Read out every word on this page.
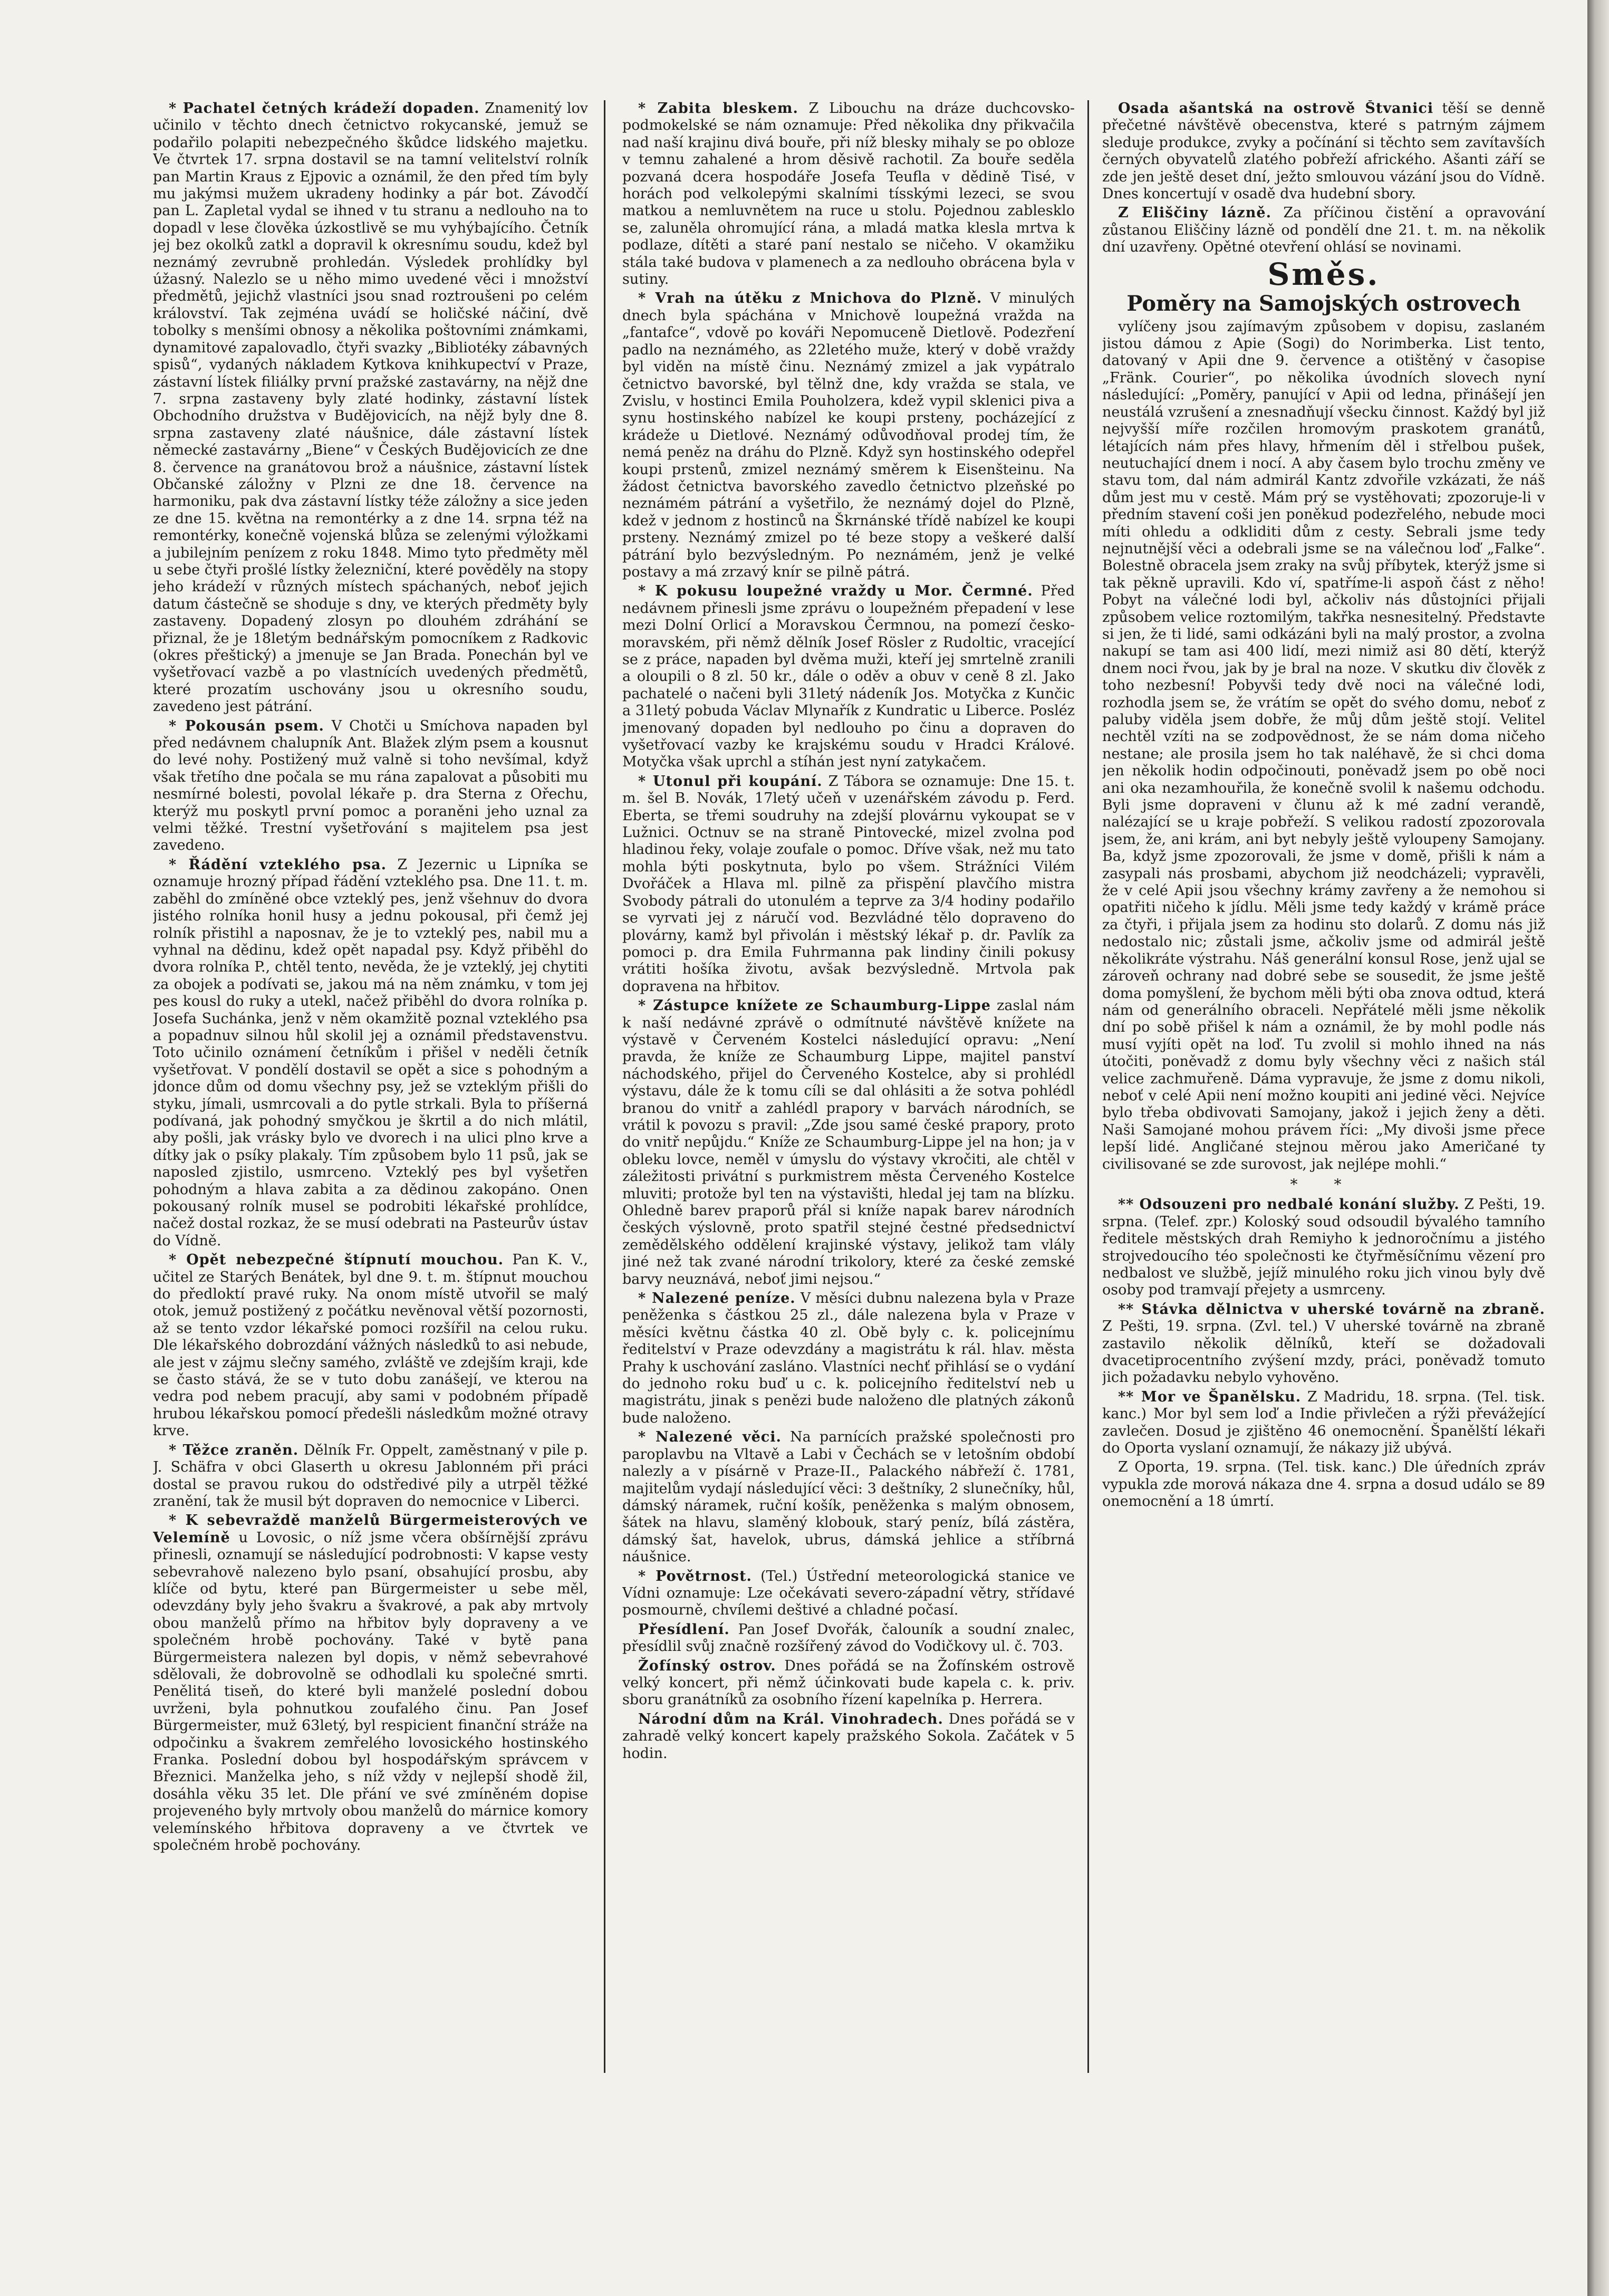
* Pachatel četných krádeží dopaden. Znamenitý lov učinilo v těchto dnech četnictvo rokycanské, jemuž se podařilo polapiti nebezpečného škůdce lidského majetku. Ve čtvrtek 17. srpna dostavil se na tamní velitelství rolník pan Martin Kraus z Ejpovic a oznámil, že den před tím byly mu jakýmsi mužem ukradeny hodinky a pár bot. Závodčí pan L. Zapletal vydal se ihned v tu stranu a nedlouho na to dopadl v lese člověka úzkostlivě se mu vyhýbajícího. Četník jej bez okolků zatkl a dopravil k okresnímu soudu, kdež byl neznámý zevrubně prohledán. Výsledek prohlídky byl úžasný. Nalezlo se u něho mimo uvedené věci i množství předmětů, jejichž vlastníci jsou snad roztroušeni po celém království. Tak zejména uvádí se holičské náčiní, dvě tobolky s menšími obnosy a několika poštovními známkami, dynamitové zapalovadlo, čtyři svazky „Bibliotéky zábavných spisů“, vydaných nákladem Kytkova knihkupectví v Praze, zástavní lístek filiálky první pražské zastavárny, na nějž dne 7. srpna zastaveny byly zlaté hodinky, zástavní lístek Obchodního družstva v Budějovicích, na nějž byly dne 8. srpna zastaveny zlaté náušnice, dále zástavní lístek německé zastavárny „Biene“ v Českých Budějovicích ze dne 8. července na granátovou brož a náušnice, zástavní lístek Občanské záložny v Plzni ze dne 18. července na harmoniku, pak dva zástavní lístky téže záložny a sice jeden ze dne 15. května na remontérky a z dne 14. srpna též na remontérky, konečně vojenská blůza se zelenými výložkami a jubilejním penízem z roku 1848. Mimo tyto předměty měl u sebe čtyři prošlé lístky železniční, které pověděly na stopy jeho krádeží v různých místech spáchaných, neboť jejich datum částečně se shoduje s dny, ve kterých předměty byly zastaveny. Dopadený zlosyn po dlouhém zdráhání se přiznal, že je 18letým bednářským pomocníkem z Radkovic (okres přeštický) a jmenuje se Jan Brada. Ponechán byl ve vyšetřovací vazbě a po vlastnících uvedených předmětů, které prozatím uschovány jsou u okresního soudu, zavedeno jest pátrání.

* Pokousán psem. V Chotči u Smíchova napaden byl před nedávnem chalupník Ant. Blažek zlým psem a kousnut do levé nohy. Postižený muž valně si toho nevšímal, když však třetího dne počala se mu rána zapalovat a působiti mu nesmírné bolesti, povolal lékaře p. dra Sterna z Ořechu, kterýž mu poskytl první pomoc a poraněni jeho uznal za velmi těžké. Trestní vyšetřování s majitelem psa jest zavedeno.

* Řádění vzteklého psa. Z Jezernic u Lipníka se oznamuje hrozný případ řádění vzteklého psa. Dne 11. t. m. zaběhl do zmíněné obce vzteklý pes, jenž všehnuv do dvora jistého rolníka honil husy a jednu pokousal, při čemž jej rolník přistihl a naposnav, že je to vzteklý pes, nabil mu a vyhnal na dědinu, kdež opět napadal psy. Když přiběhl do dvora rolníka P., chtěl tento, nevěda, že je vzteklý, jej chytiti za obojek a podívati se, jakou má na něm známku, v tom jej pes kousl do ruky a utekl, načež přiběhl do dvora rolníka p. Josefa Suchánka, jenž v něm okamžitě poznal vzteklého psa a popadnuv silnou hůl skolil jej a oznámil představenstvu. Toto učinilo oznámení četníkům i přišel v neděli četník vyšetřovat. V pondělí dostavil se opět a sice s pohodným a jdonce dům od domu všechny psy, jež se vzteklým přišli do styku, jímali, usmrcovali a do pytle strkali. Byla to příšerná podívaná, jak pohodný smyčkou je škrtil a do nich mlátil, aby pošli, jak vrásky bylo ve dvorech i na ulici plno krve a dítky jak o psíky plakaly. Tím způsobem bylo 11 psů, jak se naposled zjistilo, usmrceno. Vzteklý pes byl vyšetřen pohodným a hlava zabita a za dědinou zakopáno. Onen pokousaný rolník musel se podrobiti lékařské prohlídce, načež dostal rozkaz, že se musí odebrati na Pasteurův ústav do Vídně.

* Opět nebezpečné štípnutí mouchou. Pan K. V., učitel ze Starých Benátek, byl dne 9. t. m. štípnut mouchou do předloktí pravé ruky. Na onom místě utvořil se malý otok, jemuž postižený z počátku nevěnoval větší pozornosti, až se tento vzdor lékařské pomoci rozšířil na celou ruku. Dle lékařského dobrozdání vážných následků to asi nebude, ale jest v zájmu slečny samého, zvláště ve zdejším kraji, kde se často stává, že se v tuto dobu zanášejí, ve kterou na vedra pod nebem pracují, aby sami v podobném případě hrubou lékařskou pomocí předešli následkům možné otravy krve.

* Těžce zraněn. Dělník Fr. Oppelt, zaměstnaný v pile p. J. Schäfra v obci Glaserth u okresu Jablonném při práci dostal se pravou rukou do odstředivé pily a utrpěl těžké zranění, tak že musil být dopraven do nemocnice v Liberci.

* K sebevraždě manželů Bürgermeisterových ve Velemíně u Lovosic, o níž jsme včera obšírnější zprávu přinesli, oznamují se následující podrobnosti: V kapse vesty sebevrahově nalezeno bylo psaní, obsahující prosbu, aby klíče od bytu, které pan Bürgermeister u sebe měl, odevzdány byly jeho švakru a švakrové, a pak aby mrtvoly obou manželů přímo na hřbitov byly dopraveny a ve společném hrobě pochovány. Také v bytě pana Bürgermeistera nalezen byl dopis, v němž sebevrahové sdělovali, že dobrovolně se odhodlali ku společné smrti. Penělitá tiseň, do které byli manželé poslední dobou uvrženi, byla pohnutkou zoufalého činu. Pan Josef Bürgermeister, muž 63letý, byl respicient finanční stráže na odpočinku a švakrem zemřelého lovosického hostinského Franka. Poslední dobou byl hospodářským správcem v Březnici. Manželka jeho, s níž vždy v nejlepší shodě žil, dosáhla věku 35 let. Dle přání ve své zmíněném dopise projeveného byly mrtvoly obou manželů do márnice komory velemínského hřbitova dopraveny a ve čtvrtek ve společném hrobě pochovány.

* Zabita bleskem. Z Libouchu na dráze duchcovsko-podmokelské se nám oznamuje: Před několika dny přikvačila nad naší krajinu divá bouře, při níž blesky mihaly se po obloze v temnu zahalené a hrom děsivě rachotil. Za bouře seděla pozvaná dcera hospodáře Josefa Teufla v dědině Tisé, v horách pod velkolepými skalními tísskými lezeci, se svou matkou a nemluvnětem na ruce u stolu. Pojednou zablesklo se, zaluněla ohromující rána, a mladá matka klesla mrtva k podlaze, dítěti a staré paní nestalo se ničeho. V okamžiku stála také budova v plamenech a za nedlouho obrácena byla v sutiny.

* Vrah na útěku z Mnichova do Plzně. V minulých dnech byla spáchána v Mnichově loupežná vražda na „fantafce“, vdově po kováři Nepomuceně Dietlově. Podezření padlo na neznámého, as 22letého muže, který v době vraždy byl viděn na místě činu. Neznámý zmizel a jak vypátralo četnictvo bavorské, byl tělnž dne, kdy vražda se stala, ve Zvislu, v hostinci Emila Pouholzera, kdež vypil sklenici piva a synu hostinského nabízel ke koupi prsteny, pocházející z krádeže u Dietlové. Neznámý odůvodňoval prodej tím, že nemá peněz na dráhu do Plzně. Když syn hostinského odepřel koupi prstenů, zmizel neznámý směrem k Eisenšteinu. Na žádost četnictva bavorského zavedlo četnictvo plzeňské po neznámém pátrání a vyšetřilo, že neznámý dojel do Plzně, kdež v jednom z hostinců na Škrnánské třídě nabízel ke koupi prsteny. Neznámý zmizel po té beze stopy a veškeré další pátrání bylo bezvýsledným. Po neznámém, jenž je velké postavy a má zrzavý knír se pilně pátrá.

* K pokusu loupežné vraždy u Mor. Čermné. Před nedávnem přinesli jsme zprávu o loupežném přepadení v lese mezi Dolní Orlicí a Moravskou Čermnou, na pomezí česko-moravském, při němž dělník Josef Rösler z Rudoltic, vracející se z práce, napaden byl dvěma muži, kteří jej smrtelně zranili a oloupili o 8 zl. 50 kr., dále o oděv a obuv v ceně 8 zl. Jako pachatelé o načeni byli 31letý nádeník Jos. Motyčka z Kunčic a 31letý pobuda Václav Mlynařík z Kundratic u Liberce. Posléz jmenovaný dopaden byl nedlouho po činu a dopraven do vyšetřovací vazby ke krajskému soudu v Hradci Králové. Motyčka však uprchl a stíhán jest nyní zatykačem.

* Utonul při koupání. Z Tábora se oznamuje: Dne 15. t. m. šel B. Novák, 17letý učeň v uzenářském závodu p. Ferd. Eberta, se třemi soudruhy na zdejší plovárnu vykoupat se v Lužnici. Octnuv se na straně Pintovecké, mizel zvolna pod hladinou řeky, volaje zoufale o pomoc. Dříve však, než mu tato mohla býti poskytnuta, bylo po všem. Strážníci Vilém Dvořáček a Hlava ml. pilně za přispění plavčího mistra Svobody pátrali do utonulém a teprve za 3/4 hodiny podařilo se vyrvati jej z náručí vod. Bezvládné tělo dopraveno do plovárny, kamž byl přivolán i městský lékař p. dr. Pavlík za pomoci p. dra Emila Fuhrmanna pak lindiny činili pokusy vrátiti hošíka životu, avšak bezvýsledně. Mrtvola pak dopravena na hřbitov.

* Zástupce knížete ze Schaumburg-Lippe zaslal nám k naší nedávné zprávě o odmítnuté návštěvě knížete na výstavě v Červeném Kostelci následující opravu: „Není pravda, že kníže ze Schaumburg Lippe, majitel panství náchodského, přijel do Červeného Kostelce, aby si prohlédl výstavu, dále že k tomu cíli se dal ohlásiti a že sotva pohlédl branou do vnitř a zahlédl prapory v barvách národních, se vrátil k povozu s pravil: „Zde jsou samé české prapory, proto do vnitř nepůjdu.“ Kníže ze Schaumburg-Lippe jel na hon; ja v obleku lovce, neměl v úmyslu do výstavy vkročiti, ale chtěl v záležitosti privátní s purkmistrem města Červeného Kostelce mluviti; protože byl ten na výstavišti, hledal jej tam na blízku. Ohledně barev praporů přál si kníže napak barev národních českých výslovně, proto spatřil stejné čestné předsednictví zemědělského oddělení krajinské výstavy, jelikož tam vlály jiné než tak zvané národní trikolory, které za české zemské barvy neuznává, neboť jimi nejsou.“

* Nalezené peníze. V měsíci dubnu nalezena byla v Praze peněženka s částkou 25 zl., dále nalezena byla v Praze v měsíci květnu částka 40 zl. Obě byly c. k. policejnímu ředitelství v Praze odevzdány a magistrátu k rál. hlav. města Prahy k uschování zasláno. Vlastníci nechť přihlásí se o vydání do jednoho roku buď u c. k. policejního ředitelství neb u magistrátu, jinak s penězi bude naloženo dle platných zákonů bude naloženo.

* Nalezené věci. Na parnících pražské společnosti pro paroplavbu na Vltavě a Labi v Čechách se v letošním období nalezly a v písárně v Praze-II., Palackého nábřeží č. 1781, majitelům vydají následující věci: 3 deštníky, 2 slunečníky, hůl, dámský náramek, ruční košík, peněženka s malým obnosem, šátek na hlavu, slaměný klobouk, starý peníz, bílá zástěra, dámský šat, havelok, ubrus, dámská jehlice a stříbrná náušnice.

* Povětrnost. (Tel.) Ústřední meteorologická stanice ve Vídni oznamuje: Lze očekávati severo-západní větry, střídavé posmourně, chvílemi deštivé a chladné počasí.

Přesídlení. Pan Josef Dvořák, čalouník a soudní znalec, přesídlil svůj značně rozšířený závod do Vodičkovy ul. č. 703.

Žofínský ostrov. Dnes pořádá se na Žofínském ostrově velký koncert, při němž účinkovati bude kapela c. k. priv. sboru granátníků za osobního řízení kapelníka p. Herrera.

Národní dům na Král. Vinohradech. Dnes pořádá se v zahradě velký koncert kapely pražského Sokola. Začátek v 5 hodin.

Osada ašantská na ostrově Štvanici těší se denně přečetné návštěvě obecenstva, které s patrným zájmem sleduje produkce, zvyky a počínání si těchto sem zavítavších černých obyvatelů zlatého pobřeží afrického. Ašanti září se zde jen ještě deset dní, ježto smlouvou vázání jsou do Vídně. Dnes koncertují v osadě dva hudební sbory.

Z Eliščiny lázně. Za příčinou čistění a opravování zůstanou Eliščiny lázně od pondělí dne 21. t. m. na několik dní uzavřeny. Opětné otevření ohlásí se novinami.

Směs.

Poměry na Samojských ostrovech

vylíčeny jsou zajímavým způsobem v dopisu, zaslaném jistou dámou z Apie (Sogi) do Norimberka. List tento, datovaný v Apii dne 9. července a otištěný v časopise „Fränk. Courier“, po několika úvodních slovech nyní následující: „Poměry, panující v Apii od ledna, přinášejí jen neustálá vzrušení a znesnadňují všecku činnost. Každý byl již nejvyšší míře rozčilen hromovým praskotem granátů, létajících nám přes hlavy, hřmením děl i střelbou pušek, neutuchající dnem i nocí. A aby časem bylo trochu změny ve stavu tom, dal nám admirál Kantz zdvořile vzkázati, že náš dům jest mu v cestě. Mám prý se vystěhovati; zpozoruje-li v předním stavení coši jen poněkud podezřelého, nebude moci míti ohledu a odkliditi dům z cesty. Sebrali jsme tedy nejnutnější věci a odebrali jsme se na válečnou loď „Falke“. Bolestně obracela jsem zraky na svůj příbytek, kterýž jsme si tak pěkně upravili. Kdo ví, spatříme-li aspoň část z něho! Pobyt na válečné lodi byl, ačkoliv nás důstojníci přijali způsobem velice roztomilým, takřka nesnesitelný. Představte si jen, že ti lidé, sami odkázáni byli na malý prostor, a zvolna nakupí se tam asi 400 lidí, mezi nimiž asi 80 dětí, kterýž dnem noci řvou, jak by je bral na noze. V skutku div člověk z toho nezbesní! Pobyvši tedy dvě noci na válečné lodi, rozhodla jsem se, že vrátím se opět do svého domu, neboť z paluby viděla jsem dobře, že můj dům ještě stojí. Velitel nechtěl vzíti na se zodpovědnost, že se nám doma ničeho nestane; ale prosila jsem ho tak naléhavě, že si chci doma jen několik hodin odpočinouti, poněvadž jsem po obě noci ani oka nezamhouřila, že konečně svolil k našemu odchodu. Byli jsme dopraveni v člunu až k mé zadní verandě, nalézající se u kraje pobřeží. S velikou radostí zpozorovala jsem, že, ani krám, ani byt nebyly ještě vyloupeny Samojany. Ba, když jsme zpozorovali, že jsme v domě, přišli k nám a zasypali nás prosbami, abychom již neodcházeli; vypravěli, že v celé Apii jsou všechny krámy zavřeny a že nemohou si opatřiti ničeho k jídlu. Měli jsme tedy každý v krámě práce za čtyři, i přijala jsem za hodinu sto dolarů. Z domu nás již nedostalo nic; zůstali jsme, ačkoliv jsme od admirál ještě několikráte výstrahu. Náš generální konsul Rose, jenž ujal se zároveň ochrany nad dobré sebe se sousedit, že jsme ještě doma pomyšlení, že bychom měli býti oba znova odtud, která nám od generálního obraceli. Nepřátelé měli jsme několik dní po sobě přišel k nám a oznámil, že by mohl podle nás musí vyjíti opět na loď. Tu zvolil si mohlo ihned na nás útočiti, poněvadž z domu byly všechny věci z našich stál velice zachmuřeně. Dáma vypravuje, že jsme z domu nikoli, neboť v celé Apii není možno koupiti ani jediné věci. Nejvíce bylo třeba obdivovati Samojany, jakož i jejich ženy a děti. Naši Samojané mohou právem říci: „My divoši jsme přece lepší lidé. Angličané stejnou měrou jako Američané ty civilisované se zde surovost, jak nejlépe mohli.“

* *

** Odsouzeni pro nedbalé konání služby. Z Pešti, 19. srpna. (Telef. zpr.) Koloský soud odsoudil bývalého tamního ředitele městských drah Remiyho k jednoročnímu a jistého strojvedoucího téo společnosti ke čtyřměsíčnímu vězení pro nedbalost ve službě, jejíž minulého roku jich vinou byly dvě osoby pod tramvají přejety a usmrceny.

** Stávka dělnictva v uherské továrně na zbraně. Z Pešti, 19. srpna. (Zvl. tel.) V uherské továrně na zbraně zastavilo několik dělníků, kteří se dožadovali dvacetiprocentního zvýšení mzdy, práci, poněvadž tomuto jich požadavku nebylo vyhověno.

** Mor ve Španělsku. Z Madridu, 18. srpna. (Tel. tisk. kanc.) Mor byl sem loď a Indie přivlečen a rýži převážející zavlečen. Dosud je zjištěno 46 onemocnění. Španělští lékaři do Oporta vyslaní oznamují, že nákazy již ubývá.

Z Oporta, 19. srpna. (Tel. tisk. kanc.) Dle úředních zpráv vypukla zde morová nákaza dne 4. srpna a dosud událo se 89 onemocnění a 18 úmrtí.
